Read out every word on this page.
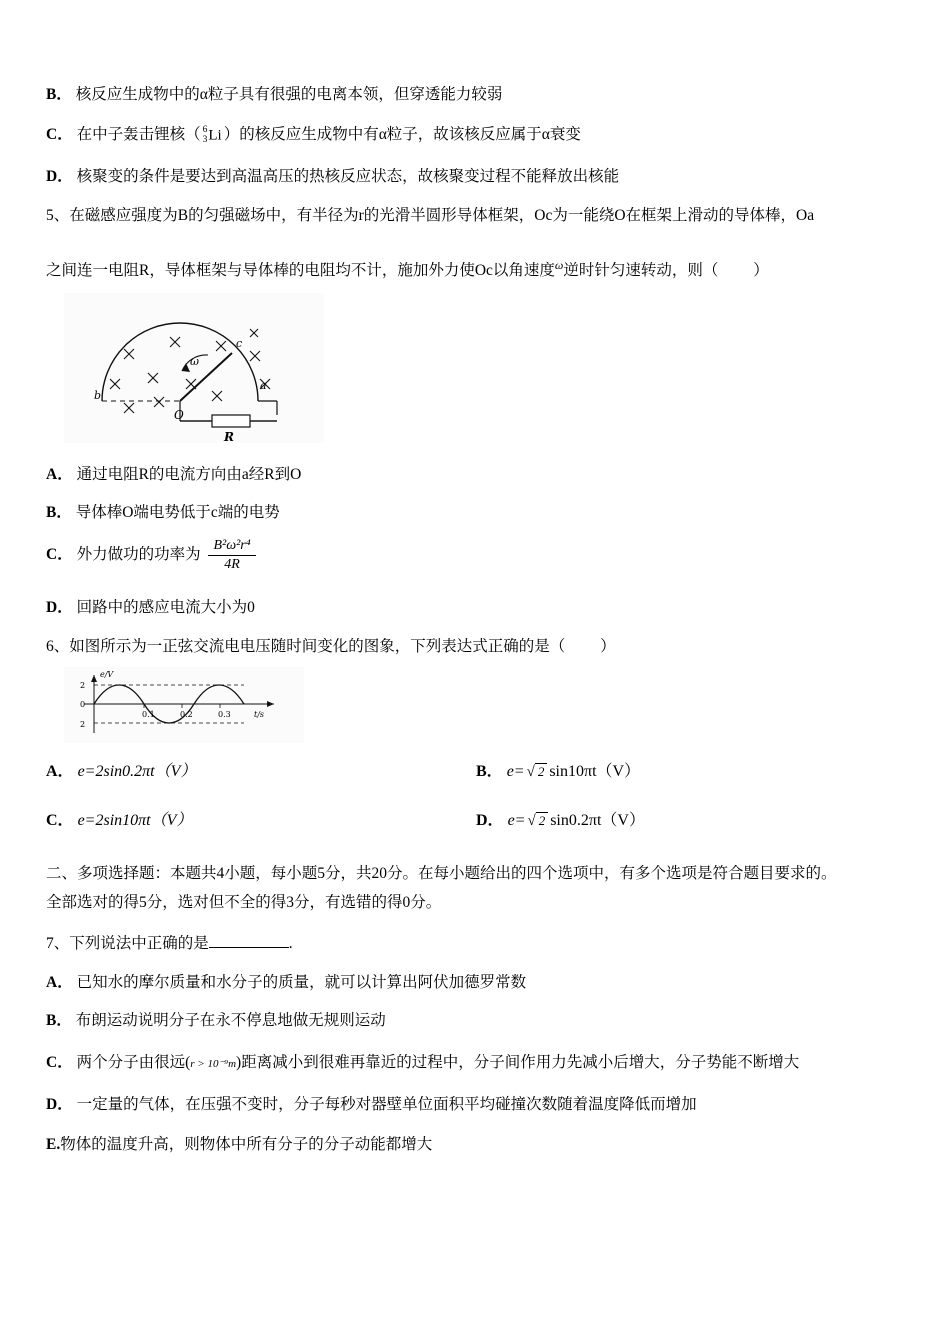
B． 核反应生成物中的α粒子具有很强的电离本领，但穿透能力较弱

C． 在中子轰击锂核（ 6
3 Li ）的核反应生成物中有α粒子，故该核反应属于α衰变

D． 核聚变的条件是要达到高温高压的热核反应状态，故核聚变过程不能释放出核能

5、在磁感应强度为B的匀强磁场中，有半径为r的光滑半圆形导体框架，Oc为一能绕O在框架上滑动的导体棒，Oa

之间连一电阻R，导体框架与导体棒的电阻均不计，施加外力使Oc以角速度$^\omega$逆时针匀速转动，则（ ）

ω
c
a
b
O
R

A． 通过电阻R的电流方向由a经R到O

B． 导体棒O端电势低于c端的电势

C． 外力做功的功率为 $\frac{\text{B²ω²r⁴}}{4R}$

D． 回路中的感应电流大小为0

6、如图所示为一正弦交流电电压随时间变化的图象，下列表达式正确的是（ ）

2
0
2
e/V
0.1	0.2	0.3	t/s
A． e=2sin0.2πt（V）	B． e= √ 2 sin10πt（V）
C． e=2sin10πt（V）	D． e= √ 2 sin0.2πt（V）

二、多项选择题：本题共4小题，每小题5分，共20分。在每小题给出的四个选项中，有多个选项是符合题目要求的。

全部选对的得5分，选对但不全的得3分，有选错的得0分。

7、下列说法中正确的是	.

A． 已知水的摩尔质量和水分子的质量，就可以计算出阿伏加德罗常数

B． 布朗运动说明分子在永不停息地做无规则运动

C． 两个分子由很远(r > 10⁻⁹m)距离减小到很难再靠近的过程中，分子间作用力先减小后增大，分子势能不断增大

D． 一定量的气体，在压强不变时，分子每秒对器壁单位面积平均碰撞次数随着温度降低而增加

E.物体的温度升高，则物体中所有分子的分子动能都增大
